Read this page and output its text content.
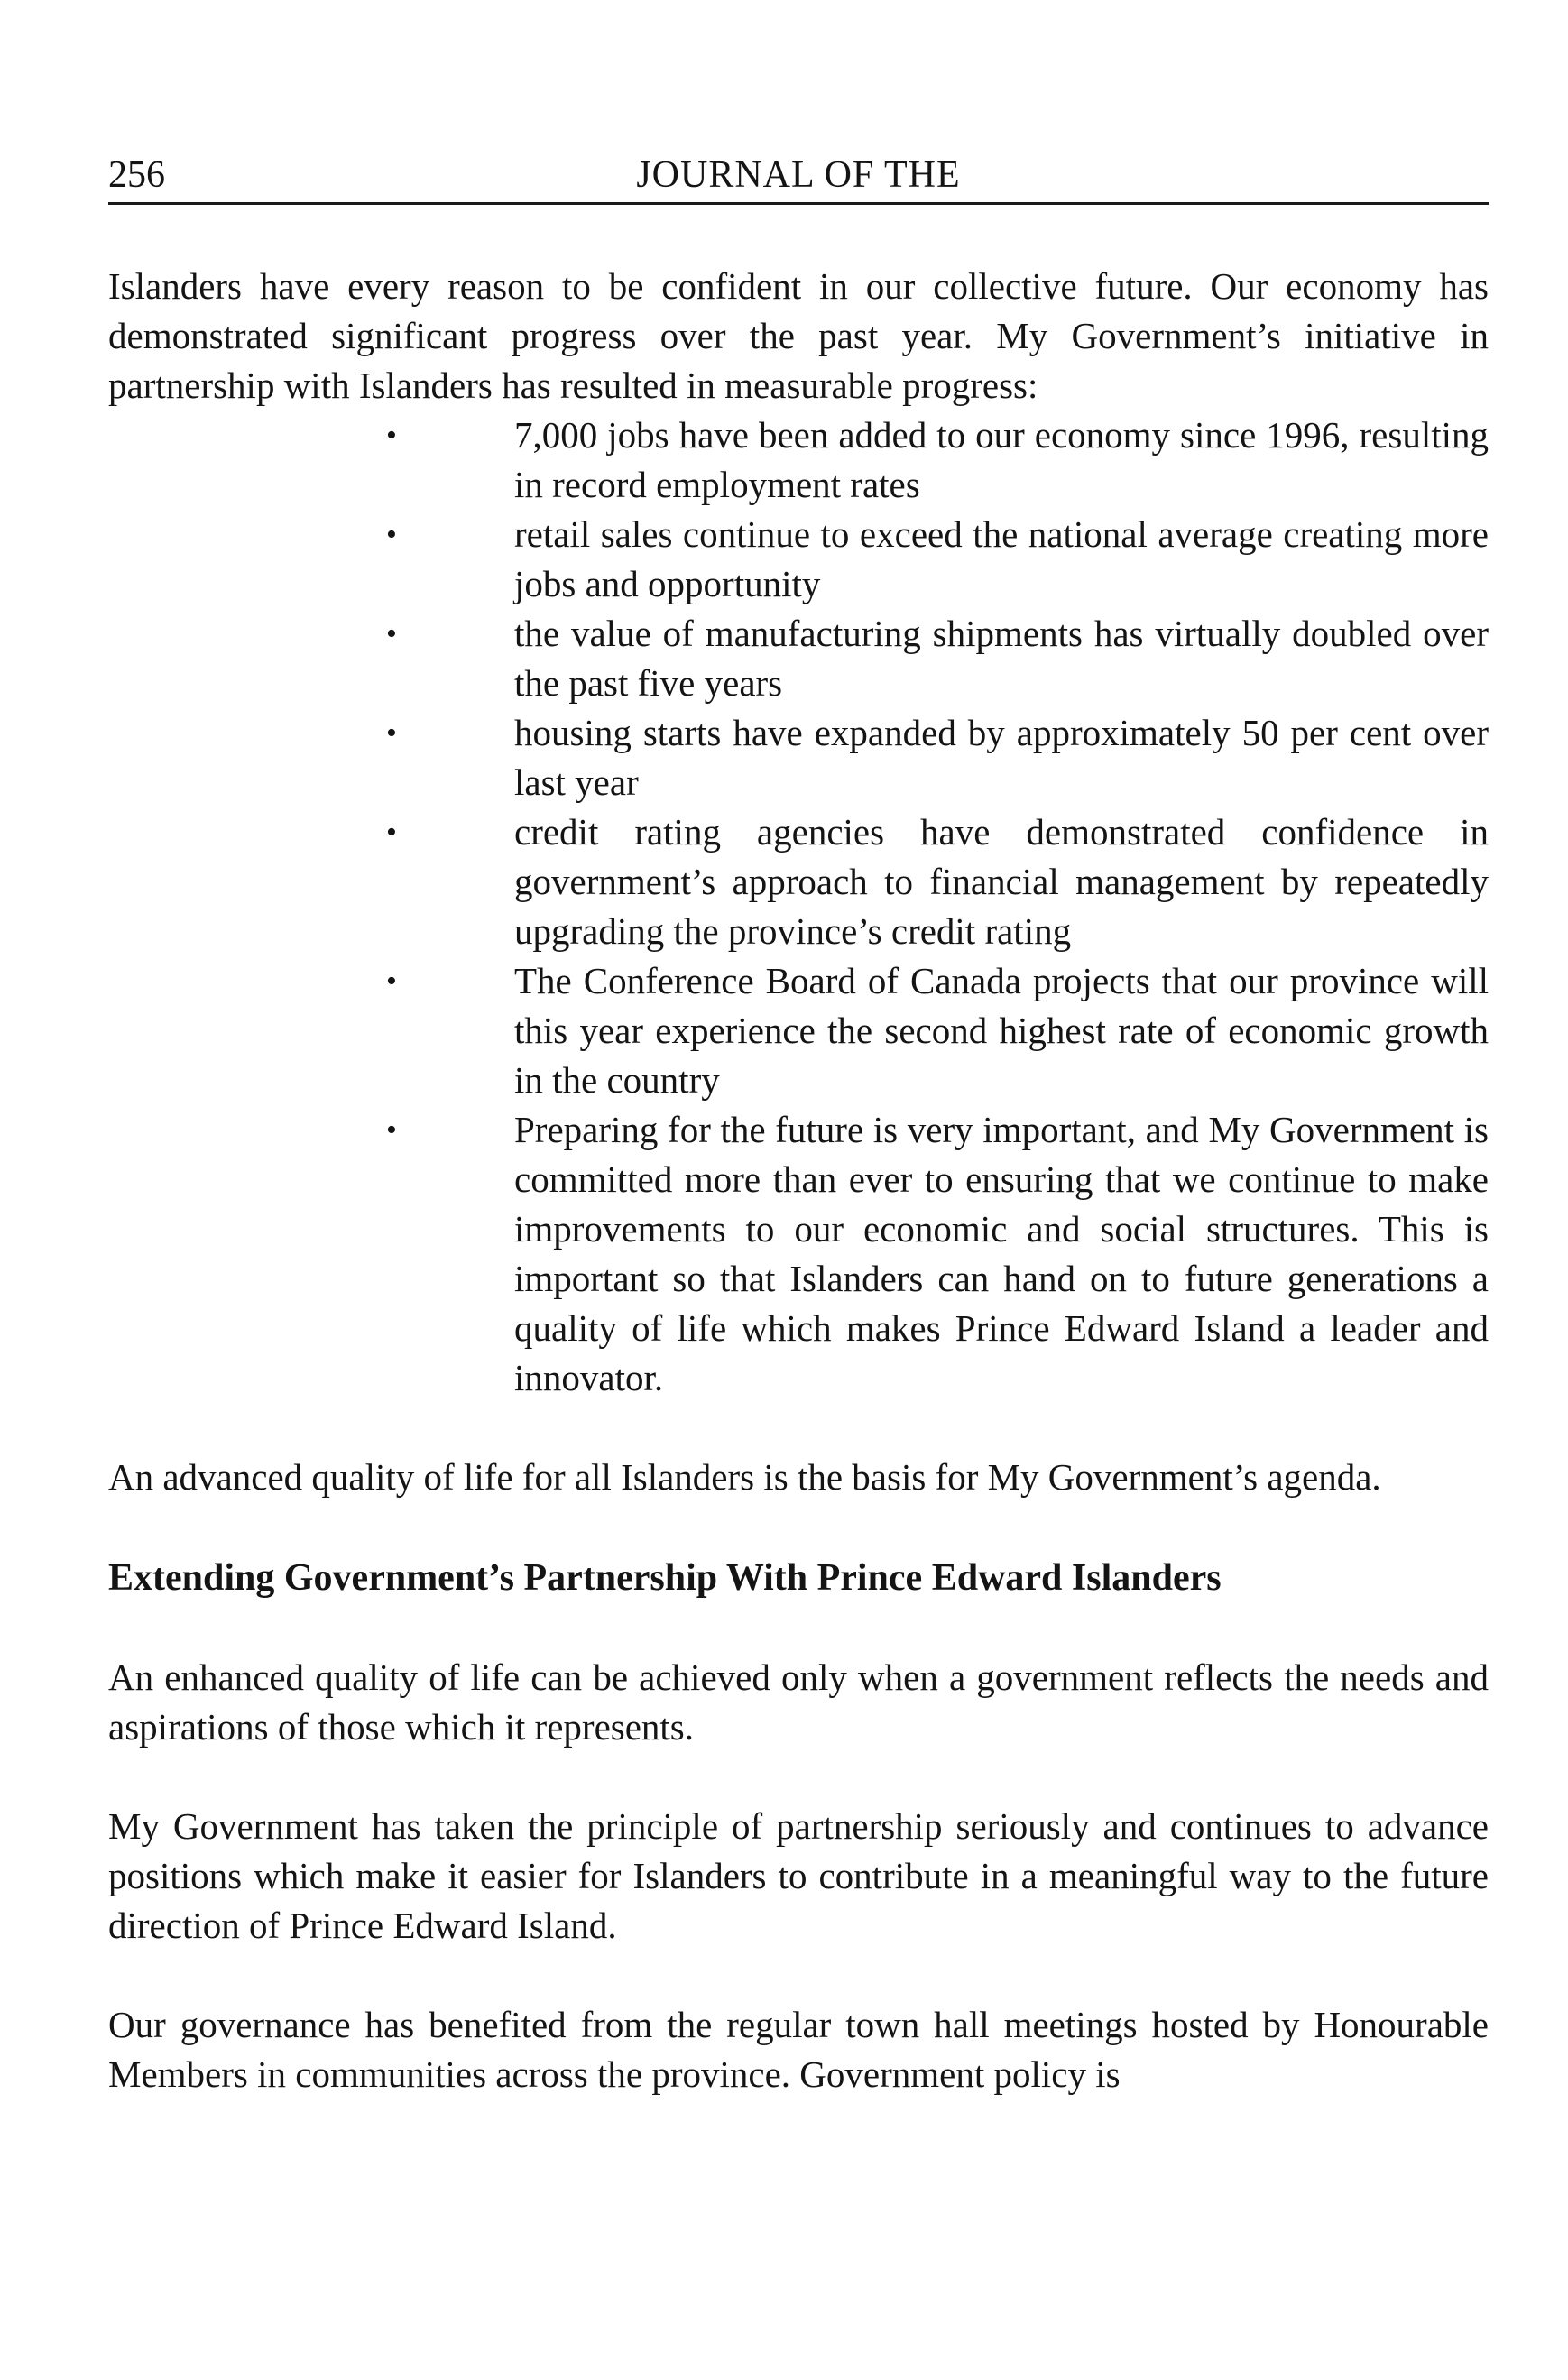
256	JOURNAL OF THE

Islanders have every reason to be confident in our collective future. Our economy has demonstrated significant progress over the past year. My Government’s initiative in partnership with Islanders has resulted in measurable progress:

•	7,000 jobs have been added to our economy since 1996, resulting in record employment rates
•	retail sales continue to exceed the national average creating more jobs and opportunity
•	the value of manufacturing shipments has virtually doubled over the past five years
•	housing starts have expanded by approximately 50 per cent over last year
•	credit rating agencies have demonstrated confidence in government’s approach to financial management by repeatedly upgrading the province’s credit rating
•	The Conference Board of Canada projects that our province will this year experience the second highest rate of economic growth in the country
•	Preparing for the future is very important, and My Government is committed more than ever to ensuring that we continue to make improvements to our economic and social structures. This is important so that Islanders can hand on to future generations a quality of life which makes Prince Edward Island a leader and innovator.

An advanced quality of life for all Islanders is the basis for My Government’s agenda.

Extending Government’s Partnership With Prince Edward Islanders

An enhanced quality of life can be achieved only when a government reflects the needs and aspirations of those which it represents.

My Government has taken the principle of partnership seriously and continues to advance positions which make it easier for Islanders to contribute in a meaningful way to the future direction of Prince Edward Island.

Our governance has benefited from the regular town hall meetings hosted by Honourable Members in communities across the province. Government policy is
